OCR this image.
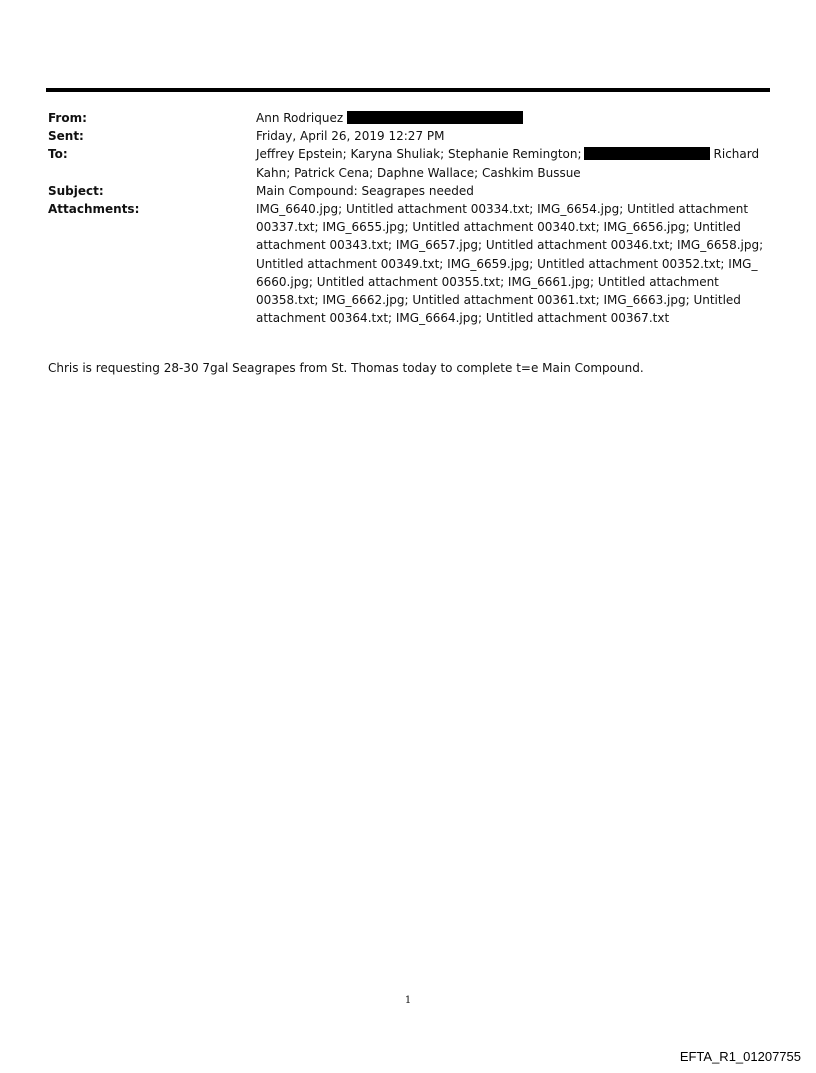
From:	Ann Rodriquez
Sent:	Friday, April 26, 2019 12:27 PM
To:	Jeffrey Epstein; Karyna Shuliak; Stephanie Remington;	Richard Kahn; Patrick Cena; Daphne Wallace; Cashkim Bussue
Subject:	Main Compound: Seagrapes needed
Attachments:	IMG_6640.jpg; Untitled attachment 00334.txt; IMG_6654.jpg; Untitled attachment 00337.txt; IMG_6655.jpg; Untitled attachment 00340.txt; IMG_6656.jpg; Untitled attachment 00343.txt; IMG_6657.jpg; Untitled attachment 00346.txt; IMG_6658.jpg; Untitled attachment 00349.txt; IMG_6659.jpg; Untitled attachment 00352.txt; IMG_ 6660.jpg; Untitled attachment 00355.txt; IMG_6661.jpg; Untitled attachment 00358.txt; IMG_6662.jpg; Untitled attachment 00361.txt; IMG_6663.jpg; Untitled attachment 00364.txt; IMG_6664.jpg; Untitled attachment 00367.txt
Chris is requesting 28-30 7gal Seagrapes from St. Thomas today to complete t=e Main Compound.
1
EFTA_R1_01207755
